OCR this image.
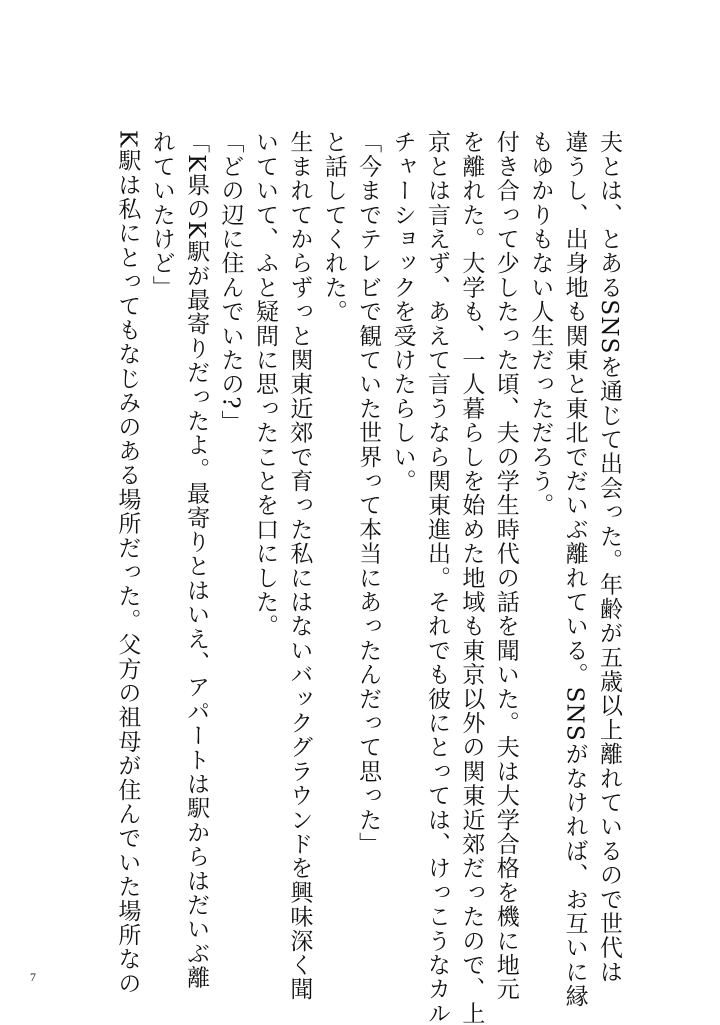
夫とは、とあるSNSを通じて出会った。年齢が五歳以上離れているので世代は
違うし、出身地も関東と東北でだいぶ離れている。SNSがなければ、お互いに縁
もゆかりもない人生だっただろう。
付き合って少したった頃、夫の学生時代の話を聞いた。夫は大学合格を機に地元
を離れた。大学も、一人暮らしを始めた地域も東京以外の関東近郊だったので、上
京とは言えず、あえて言うなら関東進出。それでも彼にとっては、けっこうなカル
チャーショックを受けたらしい。
「今までテレビで観ていた世界って本当にあったんだって思った」
と話してくれた。
生まれてからずっと関東近郊で育った私にはないバックグラウンドを興味深く聞
いていて、ふと疑問に思ったことを口にした。
「どの辺に住んでいたの?」
「K県のK駅が最寄りだったよ。最寄りとはいえ、アパートは駅からはだいぶ離
れていたけど」
K駅は私にとってもなじみのある場所だった。父方の祖母が住んでいた場所なの
7
